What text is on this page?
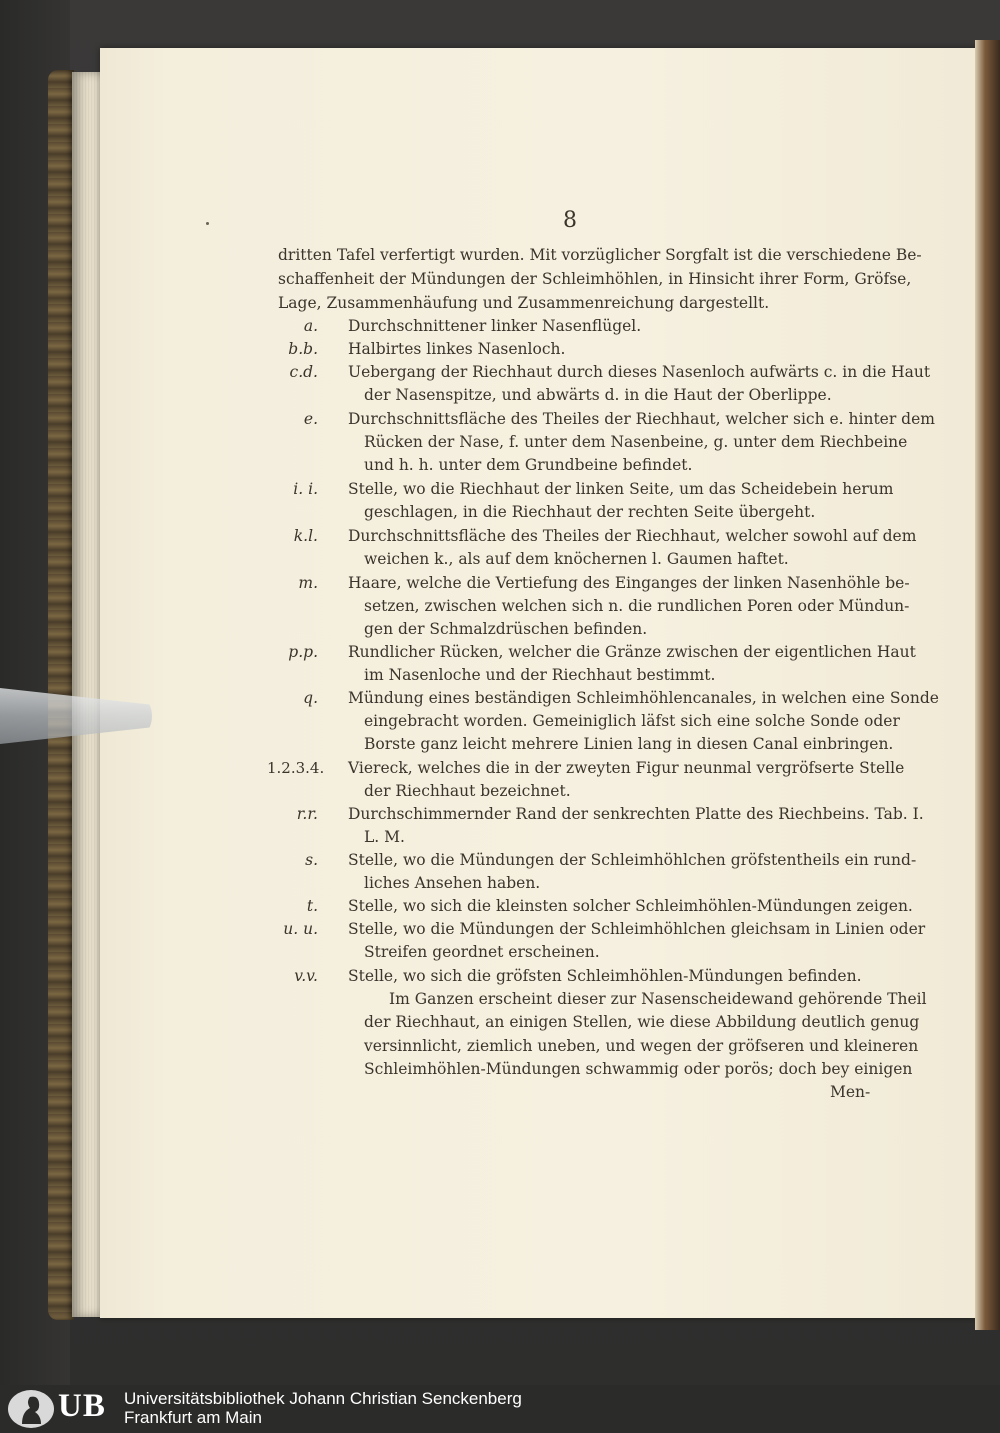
8
dritten Tafel verfertigt wurden. Mit vorzüglicher Sorgfalt ist die verschiedene Be-
schaffenheit der Mündungen der Schleimhöhlen, in Hinsicht ihrer Form, Gröfse,
Lage, Zusammenhäufung und Zusammenreichung dargestellt.
a. Durchschnittener linker Nasenflügel.
b.b. Halbirtes linkes Nasenloch.
c.d. Uebergang der Riechhaut durch dieses Nasenloch aufwärts c. in die Haut
der Nasenspitze, und abwärts d. in die Haut der Oberlippe.
e. Durchschnittsfläche des Theiles der Riechhaut, welcher sich e. hinter dem
Rücken der Nase, f. unter dem Nasenbeine, g. unter dem Riechbeine
und h. h. unter dem Grundbeine befindet.
i. i. Stelle, wo die Riechhaut der linken Seite, um das Scheidebein herum
geschlagen, in die Riechhaut der rechten Seite übergeht.
k.l. Durchschnittsfläche des Theiles der Riechhaut, welcher sowohl auf dem
weichen k., als auf dem knöchernen l. Gaumen haftet.
m. Haare, welche die Vertiefung des Einganges der linken Nasenhöhle be-
setzen, zwischen welchen sich n. die rundlichen Poren oder Mündun-
gen der Schmalzdrüschen befinden.
p.p. Rundlicher Rücken, welcher die Gränze zwischen der eigentlichen Haut
im Nasenloche und der Riechhaut bestimmt.
q. Mündung eines beständigen Schleimhöhlencanales, in welchen eine Sonde
eingebracht worden. Gemeiniglich läfst sich eine solche Sonde oder
Borste ganz leicht mehrere Linien lang in diesen Canal einbringen.
1.2.3.4. Viereck, welches die in der zweyten Figur neunmal vergröfserte Stelle
der Riechhaut bezeichnet.
r.r. Durchschimmernder Rand der senkrechten Platte des Riechbeins. Tab. I.
L. M.
s. Stelle, wo die Mündungen der Schleimhöhlchen gröfstentheils ein rund-
liches Ansehen haben.
t. Stelle, wo sich die kleinsten solcher Schleimhöhlen-Mündungen zeigen.
u. u. Stelle, wo die Mündungen der Schleimhöhlchen gleichsam in Linien oder
Streifen geordnet erscheinen.
v.v. Stelle, wo sich die gröfsten Schleimhöhlen-Mündungen befinden.
Im Ganzen erscheint dieser zur Nasenscheidewand gehörende Theil
der Riechhaut, an einigen Stellen, wie diese Abbildung deutlich genug
versinnlicht, ziemlich uneben, und wegen der gröfseren und kleineren
Schleimhöhlen-Mündungen schwammig oder porös; doch bey einigen
Men-
UB Universitätsbibliothek Johann Christian Senckenberg
Frankfurt am Main
